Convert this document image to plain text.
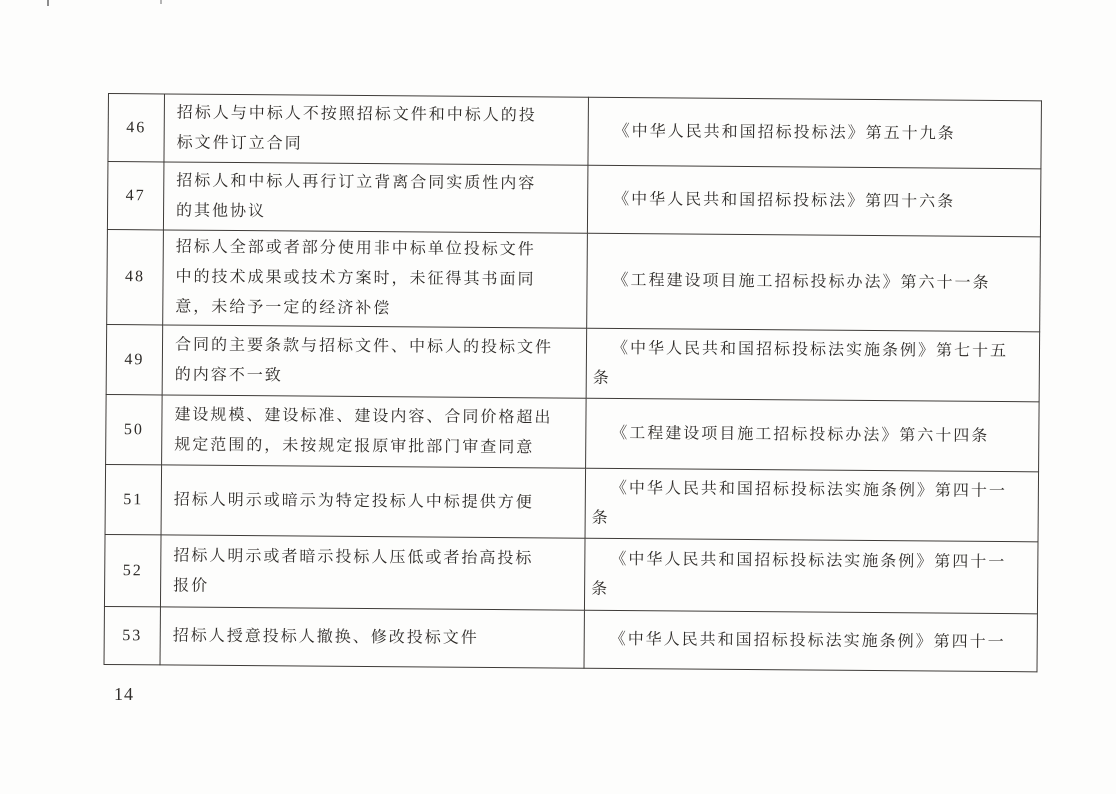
46	招标人与中标人不按照招标文件和中标人的投
标文件订立合同	《中华人民共和国招标投标法》第五十九条
47	招标人和中标人再行订立背离合同实质性内容
的其他协议	《中华人民共和国招标投标法》第四十六条
48	招标人全部或者部分使用非中标单位投标文件
中的技术成果或技术方案时，未征得其书面同
意，未给予一定的经济补偿	《工程建设项目施工招标投标办法》第六十一条
49	合同的主要条款与招标文件、中标人的投标文件
的内容不一致	《中华人民共和国招标投标法实施条例》第七十五
条
50	建设规模、建设标准、建设内容、合同价格超出
规定范围的，未按规定报原审批部门审查同意	《工程建设项目施工招标投标办法》第六十四条
51	招标人明示或暗示为特定投标人中标提供方便	《中华人民共和国招标投标法实施条例》第四十一
条
52	招标人明示或者暗示投标人压低或者抬高投标
报价	《中华人民共和国招标投标法实施条例》第四十一
条
53	招标人授意投标人撤换、修改投标文件	《中华人民共和国招标投标法实施条例》第四十一
14
